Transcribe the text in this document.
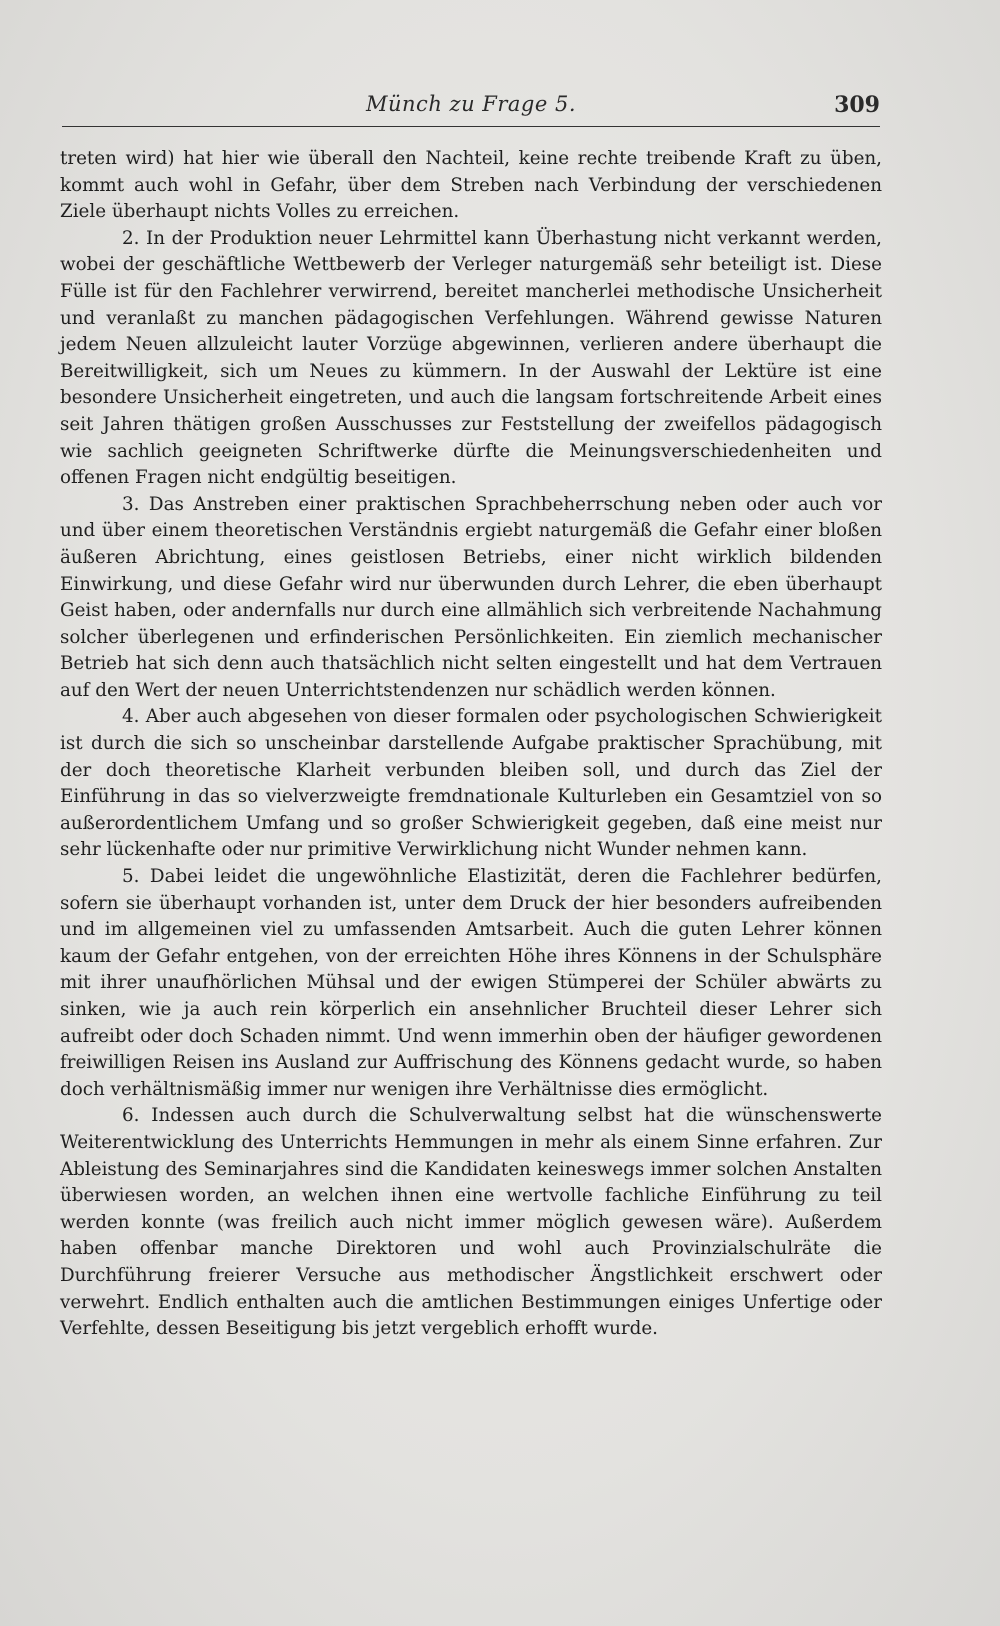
Münch zu Frage 5.	309

treten wird) hat hier wie überall den Nachteil, keine rechte treibende Kraft zu üben, kommt auch wohl in Gefahr, über dem Streben nach Verbindung der verschiedenen Ziele überhaupt nichts Volles zu erreichen.

2. In der Produktion neuer Lehrmittel kann Überhastung nicht verkannt werden, wobei der geschäftliche Wettbewerb der Verleger naturgemäß sehr beteiligt ist. Diese Fülle ist für den Fachlehrer verwirrend, bereitet mancherlei methodische Unsicherheit und veranlaßt zu manchen pädagogischen Verfehlungen. Während gewisse Naturen jedem Neuen allzuleicht lauter Vorzüge abgewinnen, verlieren andere überhaupt die Bereitwilligkeit, sich um Neues zu kümmern. In der Auswahl der Lektüre ist eine besondere Unsicherheit eingetreten, und auch die langsam fortschreitende Arbeit eines seit Jahren thätigen großen Ausschusses zur Feststellung der zweifellos pädagogisch wie sachlich geeigneten Schriftwerke dürfte die Meinungsverschiedenheiten und offenen Fragen nicht endgültig beseitigen.

3. Das Anstreben einer praktischen Sprachbeherrschung neben oder auch vor und über einem theoretischen Verständnis ergiebt naturgemäß die Gefahr einer bloßen äußeren Abrichtung, eines geistlosen Betriebs, einer nicht wirklich bildenden Einwirkung, und diese Gefahr wird nur überwunden durch Lehrer, die eben überhaupt Geist haben, oder andernfalls nur durch eine allmählich sich verbreitende Nachahmung solcher überlegenen und erfinderischen Persönlichkeiten. Ein ziemlich mechanischer Betrieb hat sich denn auch thatsächlich nicht selten eingestellt und hat dem Vertrauen auf den Wert der neuen Unterrichtstendenzen nur schädlich werden können.

4. Aber auch abgesehen von dieser formalen oder psychologischen Schwierigkeit ist durch die sich so unscheinbar darstellende Aufgabe praktischer Sprachübung, mit der doch theoretische Klarheit verbunden bleiben soll, und durch das Ziel der Einführung in das so vielverzweigte fremdnationale Kulturleben ein Gesamtziel von so außerordentlichem Umfang und so großer Schwierigkeit gegeben, daß eine meist nur sehr lückenhafte oder nur primitive Verwirklichung nicht Wunder nehmen kann.

5. Dabei leidet die ungewöhnliche Elastizität, deren die Fachlehrer bedürfen, sofern sie überhaupt vorhanden ist, unter dem Druck der hier besonders aufreibenden und im allgemeinen viel zu umfassenden Amtsarbeit. Auch die guten Lehrer können kaum der Gefahr entgehen, von der erreichten Höhe ihres Könnens in der Schulsphäre mit ihrer unaufhörlichen Mühsal und der ewigen Stümperei der Schüler abwärts zu sinken, wie ja auch rein körperlich ein ansehnlicher Bruchteil dieser Lehrer sich aufreibt oder doch Schaden nimmt. Und wenn immerhin oben der häufiger gewordenen freiwilligen Reisen ins Ausland zur Auffrischung des Könnens gedacht wurde, so haben doch verhältnismäßig immer nur wenigen ihre Verhältnisse dies ermöglicht.

6. Indessen auch durch die Schulverwaltung selbst hat die wünschenswerte Weiterentwicklung des Unterrichts Hemmungen in mehr als einem Sinne erfahren. Zur Ableistung des Seminarjahres sind die Kandidaten keineswegs immer solchen Anstalten überwiesen worden, an welchen ihnen eine wertvolle fachliche Einführung zu teil werden konnte (was freilich auch nicht immer möglich gewesen wäre). Außerdem haben offenbar manche Direktoren und wohl auch Provinzialschulräte die Durchführung freierer Versuche aus methodischer Ängstlichkeit erschwert oder verwehrt. Endlich enthalten auch die amtlichen Bestimmungen einiges Unfertige oder Verfehlte, dessen Beseitigung bis jetzt vergeblich erhofft wurde.
